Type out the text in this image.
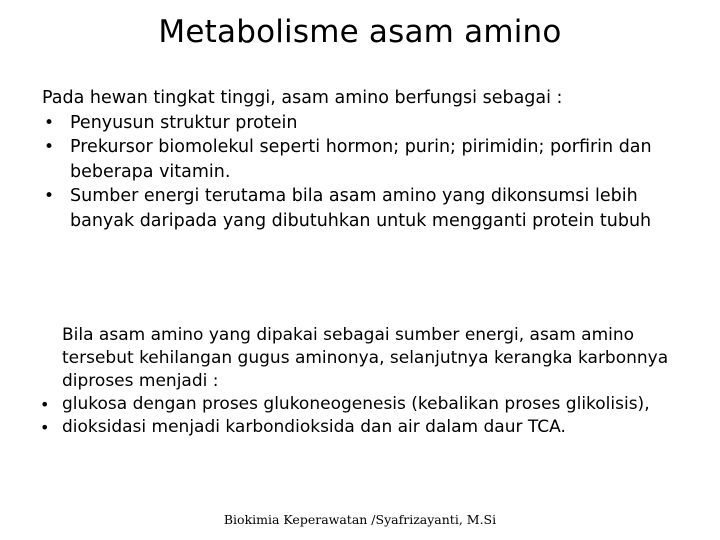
Metabolisme asam amino

Pada hewan tingkat tinggi, asam amino berfungsi sebagai :

• Penyusun struktur protein
• Prekursor biomolekul seperti hormon; purin; pirimidin; porfirin dan beberapa vitamin.
• Sumber energi terutama bila asam amino yang dikonsumsi lebih banyak daripada yang dibutuhkan untuk mengganti protein tubuh

Bila asam amino yang dipakai sebagai sumber energi, asam amino tersebut kehilangan gugus aminonya, selanjutnya kerangka karbonnya diproses menjadi :

• glukosa dengan proses glukoneogenesis (kebalikan proses glikolisis),
• dioksidasi menjadi karbondioksida dan air dalam daur TCA.
Biokimia Keperawatan /Syafrizayanti, M.Si
